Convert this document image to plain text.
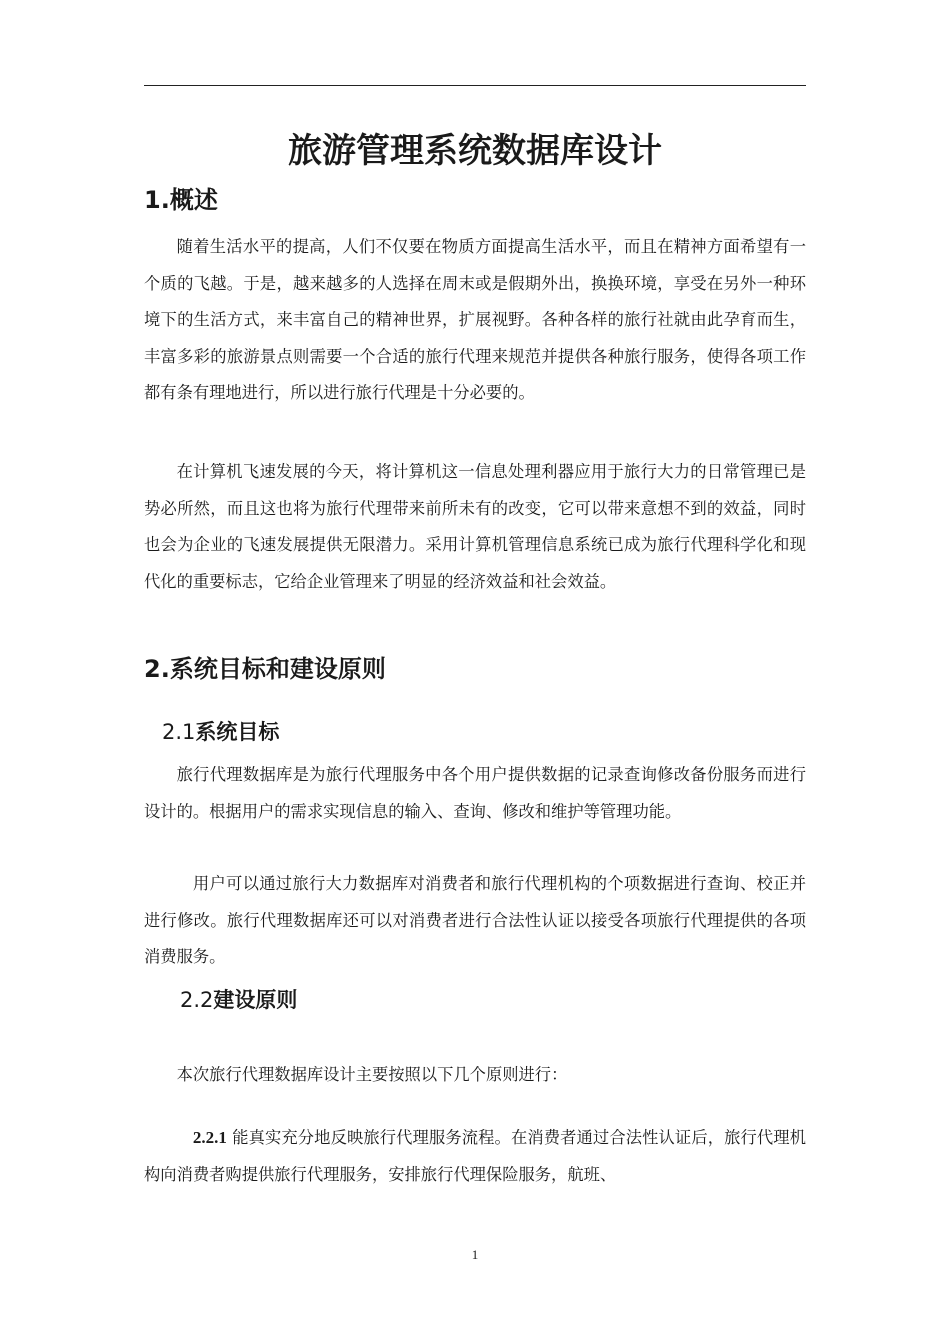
旅游管理系统数据库设计
1.概述

随着生活水平的提高，人们不仅要在物质方面提高生活水平，而且在精神方面希望有一个质的飞越。于是，越来越多的人选择在周末或是假期外出，换换环境，享受在另外一种环境下的生活方式，来丰富自己的精神世界，扩展视野。各种各样的旅行社就由此孕育而生，丰富多彩的旅游景点则需要一个合适的旅行代理来规范并提供各种旅行服务，使得各项工作都有条有理地进行，所以进行旅行代理是十分必要的。

在计算机飞速发展的今天，将计算机这一信息处理利器应用于旅行大力的日常管理已是势必所然，而且这也将为旅行代理带来前所未有的改变，它可以带来意想不到的效益，同时也会为企业的飞速发展提供无限潜力。采用计算机管理信息系统已成为旅行代理科学化和现代化的重要标志，它给企业管理来了明显的经济效益和社会效益。

2.系统目标和建设原则
2.1系统目标

旅行代理数据库是为旅行代理服务中各个用户提供数据的记录查询修改备份服务而进行设计的。根据用户的需求实现信息的输入、查询、修改和维护等管理功能。

用户可以通过旅行大力数据库对消费者和旅行代理机构的个项数据进行查询、校正并进行修改。旅行代理数据库还可以对消费者进行合法性认证以接受各项旅行代理提供的各项消费服务。

2.2建设原则

本次旅行代理数据库设计主要按照以下几个原则进行：

2.2.1 能真实充分地反映旅行代理服务流程。在消费者通过合法性认证后，旅行代理机构向消费者购提供旅行代理服务，安排旅行代理保险服务，航班、

1
